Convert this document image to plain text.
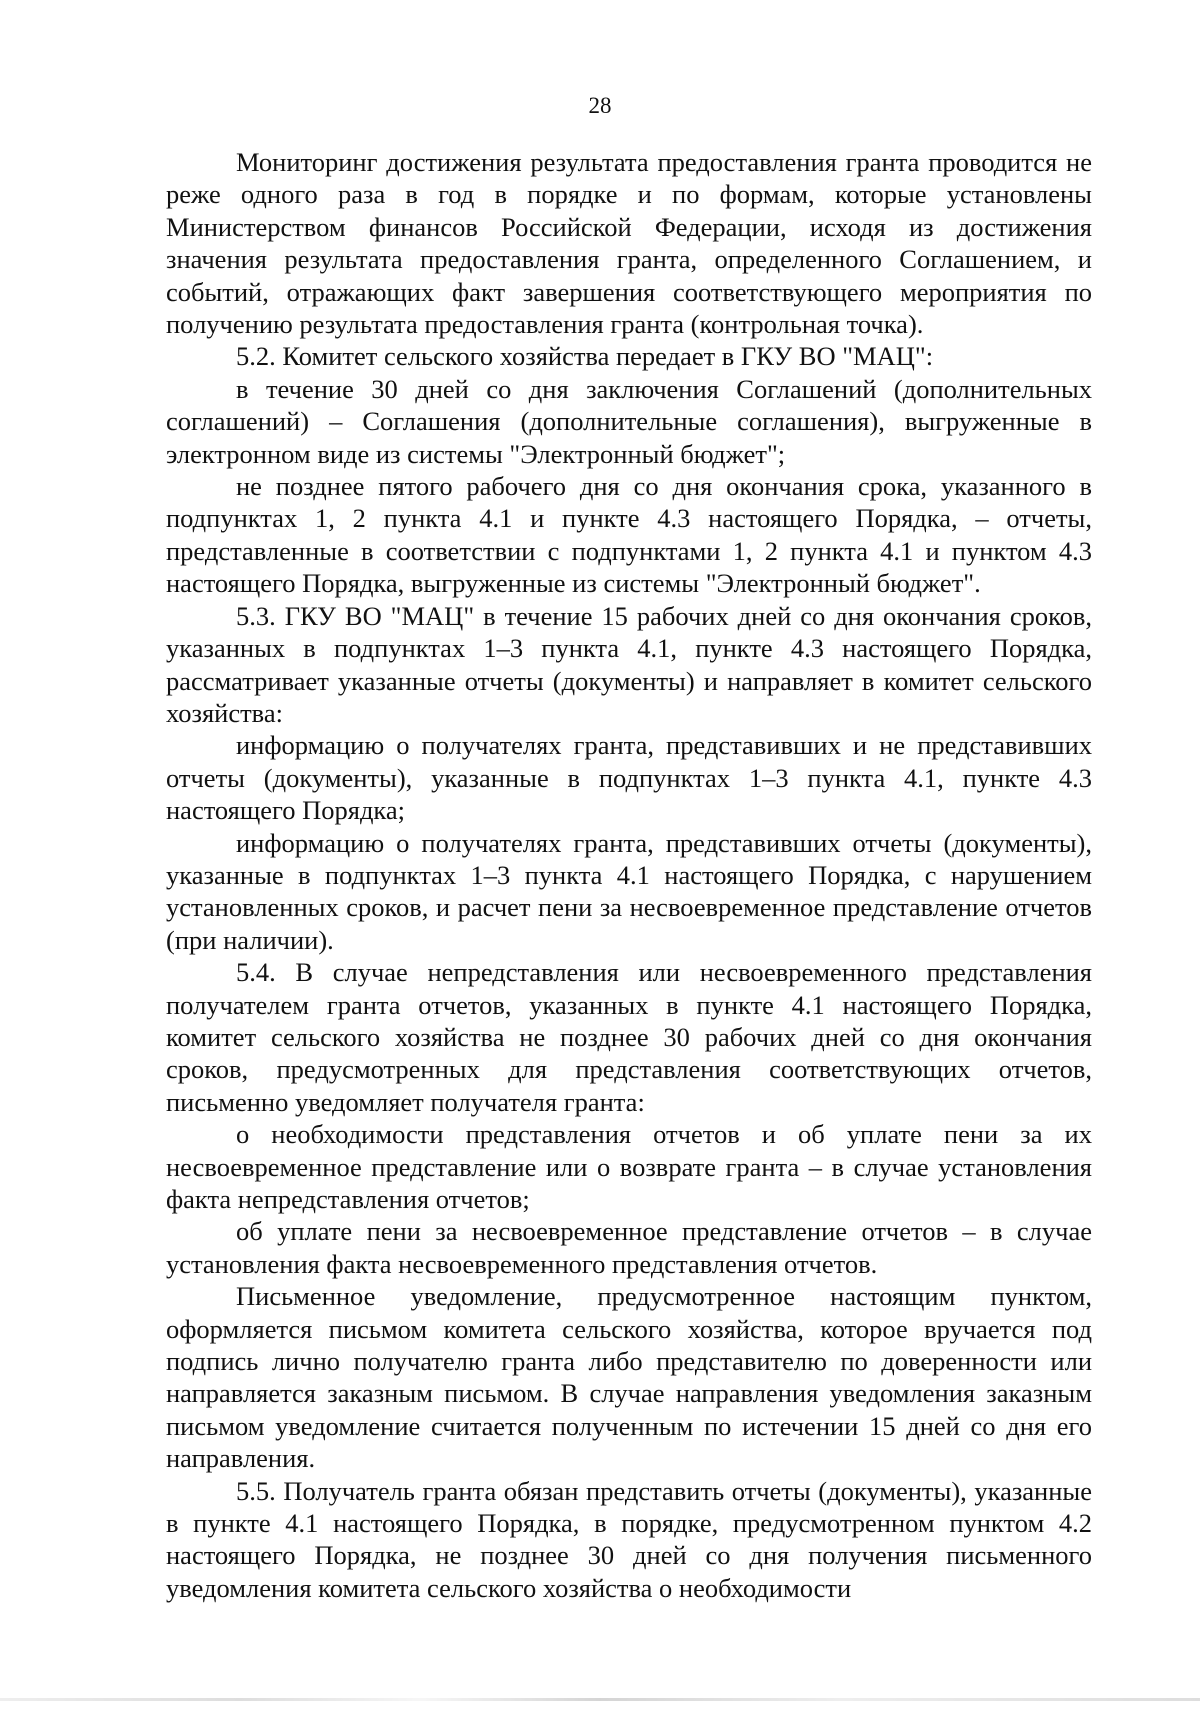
28

Мониторинг достижения результата предоставления гранта проводится не реже одного раза в год в порядке и по формам, которые установлены Министерством финансов Российской Федерации, исходя из достижения значения результата предоставления гранта, определенного Соглашением, и событий, отражающих факт завершения соответствующего мероприятия по получению результата предоставления гранта (контрольная точка).

5.2. Комитет сельского хозяйства передает в ГКУ ВО "МАЦ":

в течение 30 дней со дня заключения Соглашений (дополнительных соглашений) – Соглашения (дополнительные соглашения), выгруженные в электронном виде из системы "Электронный бюджет";

не позднее пятого рабочего дня со дня окончания срока, указанного в подпунктах 1, 2 пункта 4.1 и пункте 4.3 настоящего Порядка, – отчеты, представленные в соответствии с подпунктами 1, 2 пункта 4.1 и пунктом 4.3 настоящего Порядка, выгруженные из системы "Электронный бюджет".

5.3. ГКУ ВО "МАЦ" в течение 15 рабочих дней со дня окончания сроков, указанных в подпунктах 1–3 пункта 4.1, пункте 4.3 настоящего Порядка, рассматривает указанные отчеты (документы) и направляет в комитет сельского хозяйства:

информацию о получателях гранта, представивших и не представивших отчеты (документы), указанные в подпунктах 1–3 пункта 4.1, пункте 4.3 настоящего Порядка;

информацию о получателях гранта, представивших отчеты (документы), указанные в подпунктах 1–3 пункта 4.1 настоящего Порядка, с нарушением установленных сроков, и расчет пени за несвоевременное представление отчетов (при наличии).

5.4. В случае непредставления или несвоевременного представления получателем гранта отчетов, указанных в пункте 4.1 настоящего Порядка, комитет сельского хозяйства не позднее 30 рабочих дней со дня окончания сроков, предусмотренных для представления соответствующих отчетов, письменно уведомляет получателя гранта:

о необходимости представления отчетов и об уплате пени за их несвоевременное представление или о возврате гранта – в случае установления факта непредставления отчетов;

об уплате пени за несвоевременное представление отчетов – в случае установления факта несвоевременного представления отчетов.

Письменное уведомление, предусмотренное настоящим пунктом, оформляется письмом комитета сельского хозяйства, которое вручается под подпись лично получателю гранта либо представителю по доверенности или направляется заказным письмом. В случае направления уведомления заказным письмом уведомление считается полученным по истечении 15 дней со дня его направления.

5.5. Получатель гранта обязан представить отчеты (документы), указанные в пункте 4.1 настоящего Порядка, в порядке, предусмотренном пунктом 4.2 настоящего Порядка, не позднее 30 дней со дня получения письменного уведомления комитета сельского хозяйства о необходимости
